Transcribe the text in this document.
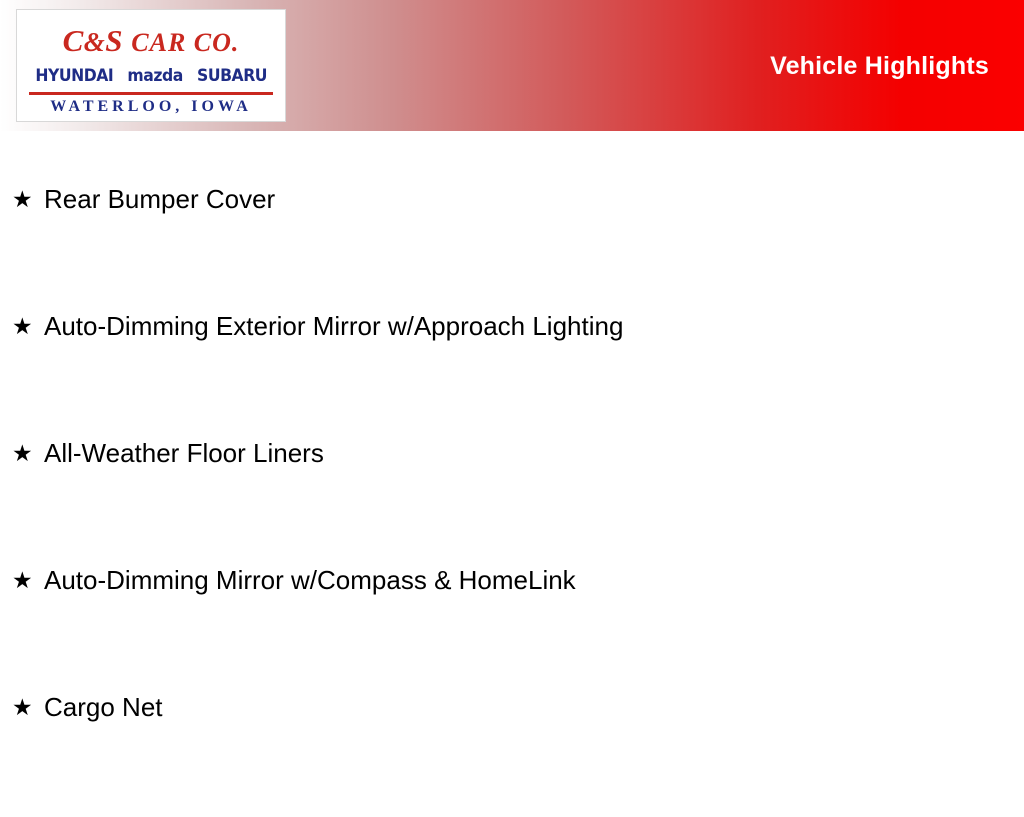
C&S CAR CO.
HYUNDAI mazda SUBARU
WATERLOO, IOWA
Vehicle Highlights
★ Rear Bumper Cover
★ Auto-Dimming Exterior Mirror w/Approach Lighting
★ All-Weather Floor Liners
★ Auto-Dimming Mirror w/Compass & HomeLink
★ Cargo Net
